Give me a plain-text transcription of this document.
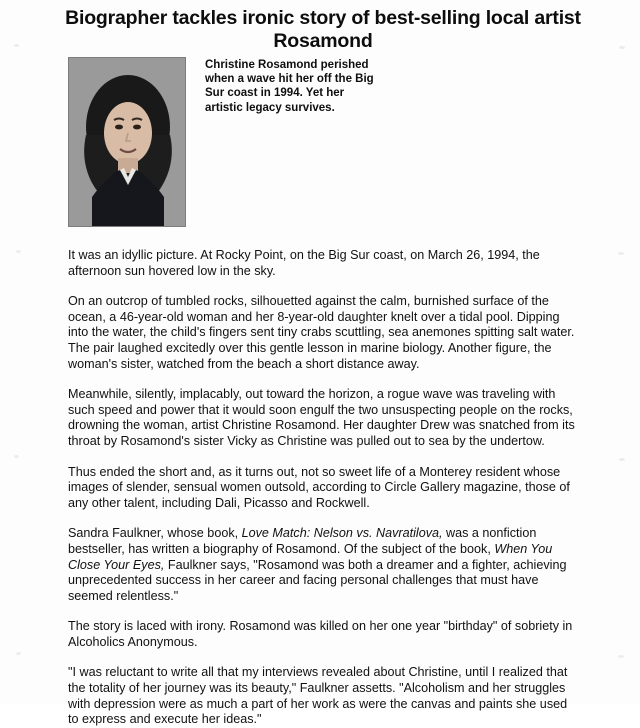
Biographer tackles ironic story of best-selling local artist Rosamond
Christine Rosamond perished when a wave hit her off the Big Sur coast in 1994. Yet her artistic legacy survives.

It was an idyllic picture. At Rocky Point, on the Big Sur coast, on March 26, 1994, the afternoon sun hovered low in the sky.

On an outcrop of tumbled rocks, silhouetted against the calm, burnished surface of the ocean, a 46-year-old woman and her 8-year-old daughter knelt over a tidal pool. Dipping into the water, the child's fingers sent tiny crabs scuttling, sea anemones spitting salt water. The pair laughed excitedly over this gentle lesson in marine biology. Another figure, the woman's sister, watched from the beach a short distance away.

Meanwhile, silently, implacably, out toward the horizon, a rogue wave was traveling with such speed and power that it would soon engulf the two unsuspecting people on the rocks, drowning the woman, artist Christine Rosamond. Her daughter Drew was snatched from its throat by Rosamond's sister Vicky as Christine was pulled out to sea by the undertow.

Thus ended the short and, as it turns out, not so sweet life of a Monterey resident whose images of slender, sensual women outsold, according to Circle Gallery magazine, those of any other talent, including Dali, Picasso and Rockwell.

Sandra Faulkner, whose book, Love Match: Nelson vs. Navratilova, was a nonfiction bestseller, has written a biography of Rosamond. Of the subject of the book, When You Close Your Eyes, Faulkner says, "Rosamond was both a dreamer and a fighter, achieving unprecedented success in her career and facing personal challenges that must have seemed relentless."

The story is laced with irony. Rosamond was killed on her one year "birthday" of sobriety in Alcoholics Anonymous.

"I was reluctant to write all that my interviews revealed about Christine, until I realized that the totality of her journey was its beauty," Faulkner assetts. "Alcoholism and her struggles with depression were as much a part of her work as were the canvas and paints she used to express and execute her ideas."
